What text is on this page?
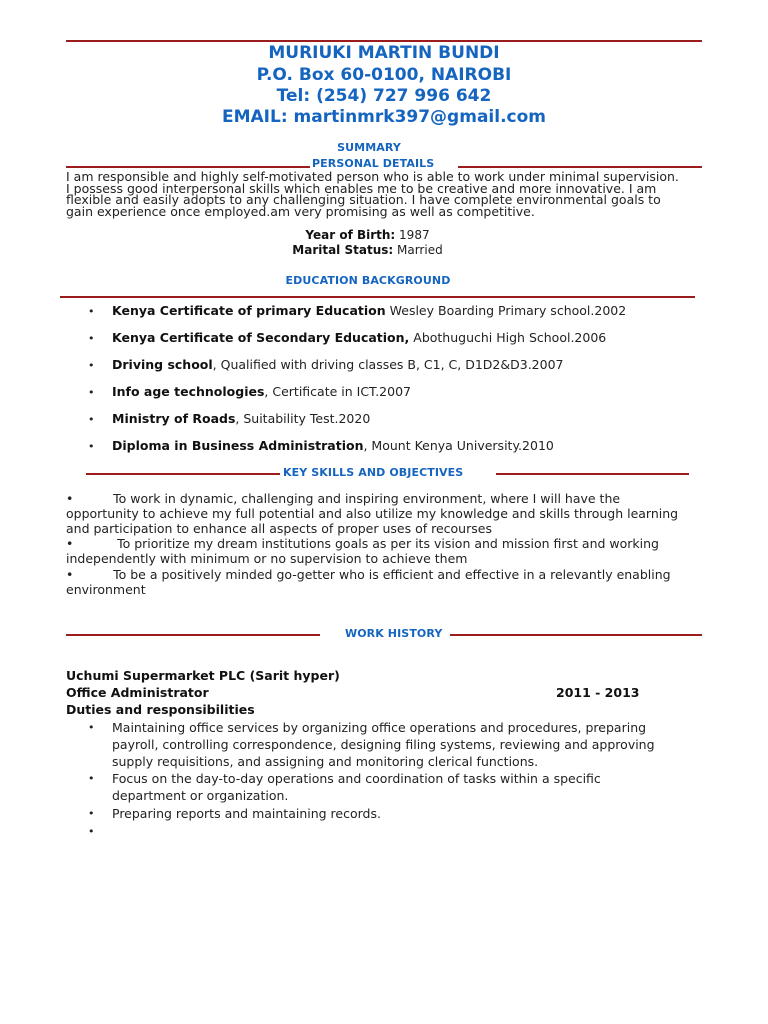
MURIUKI MARTIN BUNDI
P.O. Box 60-0100, NAIROBI
Tel: (254) 727 996 642
EMAIL: martinmrk397@gmail.com
SUMMARY
PERSONAL DETAILS
I am responsible and highly self-motivated person who is able to work under minimal supervision.
I possess good interpersonal skills which enables me to be creative and more innovative. I am
flexible and easily adopts to any challenging situation. I have complete environmental goals to
gain experience once employed.am very promising as well as competitive.
Year of Birth: 1987
Marital Status: Married
EDUCATION BACKGROUND
• Kenya Certificate of primary Education Wesley Boarding Primary school.2002
• Kenya Certificate of Secondary Education, Abothuguchi High School.2006
• Driving school, Qualified with driving classes B, C1, C, D1D2&D3.2007
• Info age technologies, Certificate in ICT.2007
• Ministry of Roads, Suitability Test.2020
• Diploma in Business Administration, Mount Kenya University.2010
KEY SKILLS AND OBJECTIVES
•          To work in dynamic, challenging and inspiring environment, where I will have the
opportunity to achieve my full potential and also utilize my knowledge and skills through learning
and participation to enhance all aspects of proper uses of recourses
•           To prioritize my dream institutions goals as per its vision and mission first and working
independently with minimum or no supervision to achieve them
•          To be a positively minded go-getter who is efficient and effective in a relevantly enabling
environment
WORK HISTORY
Uchumi Supermarket PLC (Sarit hyper)
Office Administrator	2011 - 2013
Duties and responsibilities
• Maintaining office services by organizing office operations and procedures, preparing payroll, controlling correspondence, designing filing systems, reviewing and approving supply requisitions, and assigning and monitoring clerical functions.
• Focus on the day-to-day operations and coordination of tasks within a specific department or organization.
• Preparing reports and maintaining records.
•
